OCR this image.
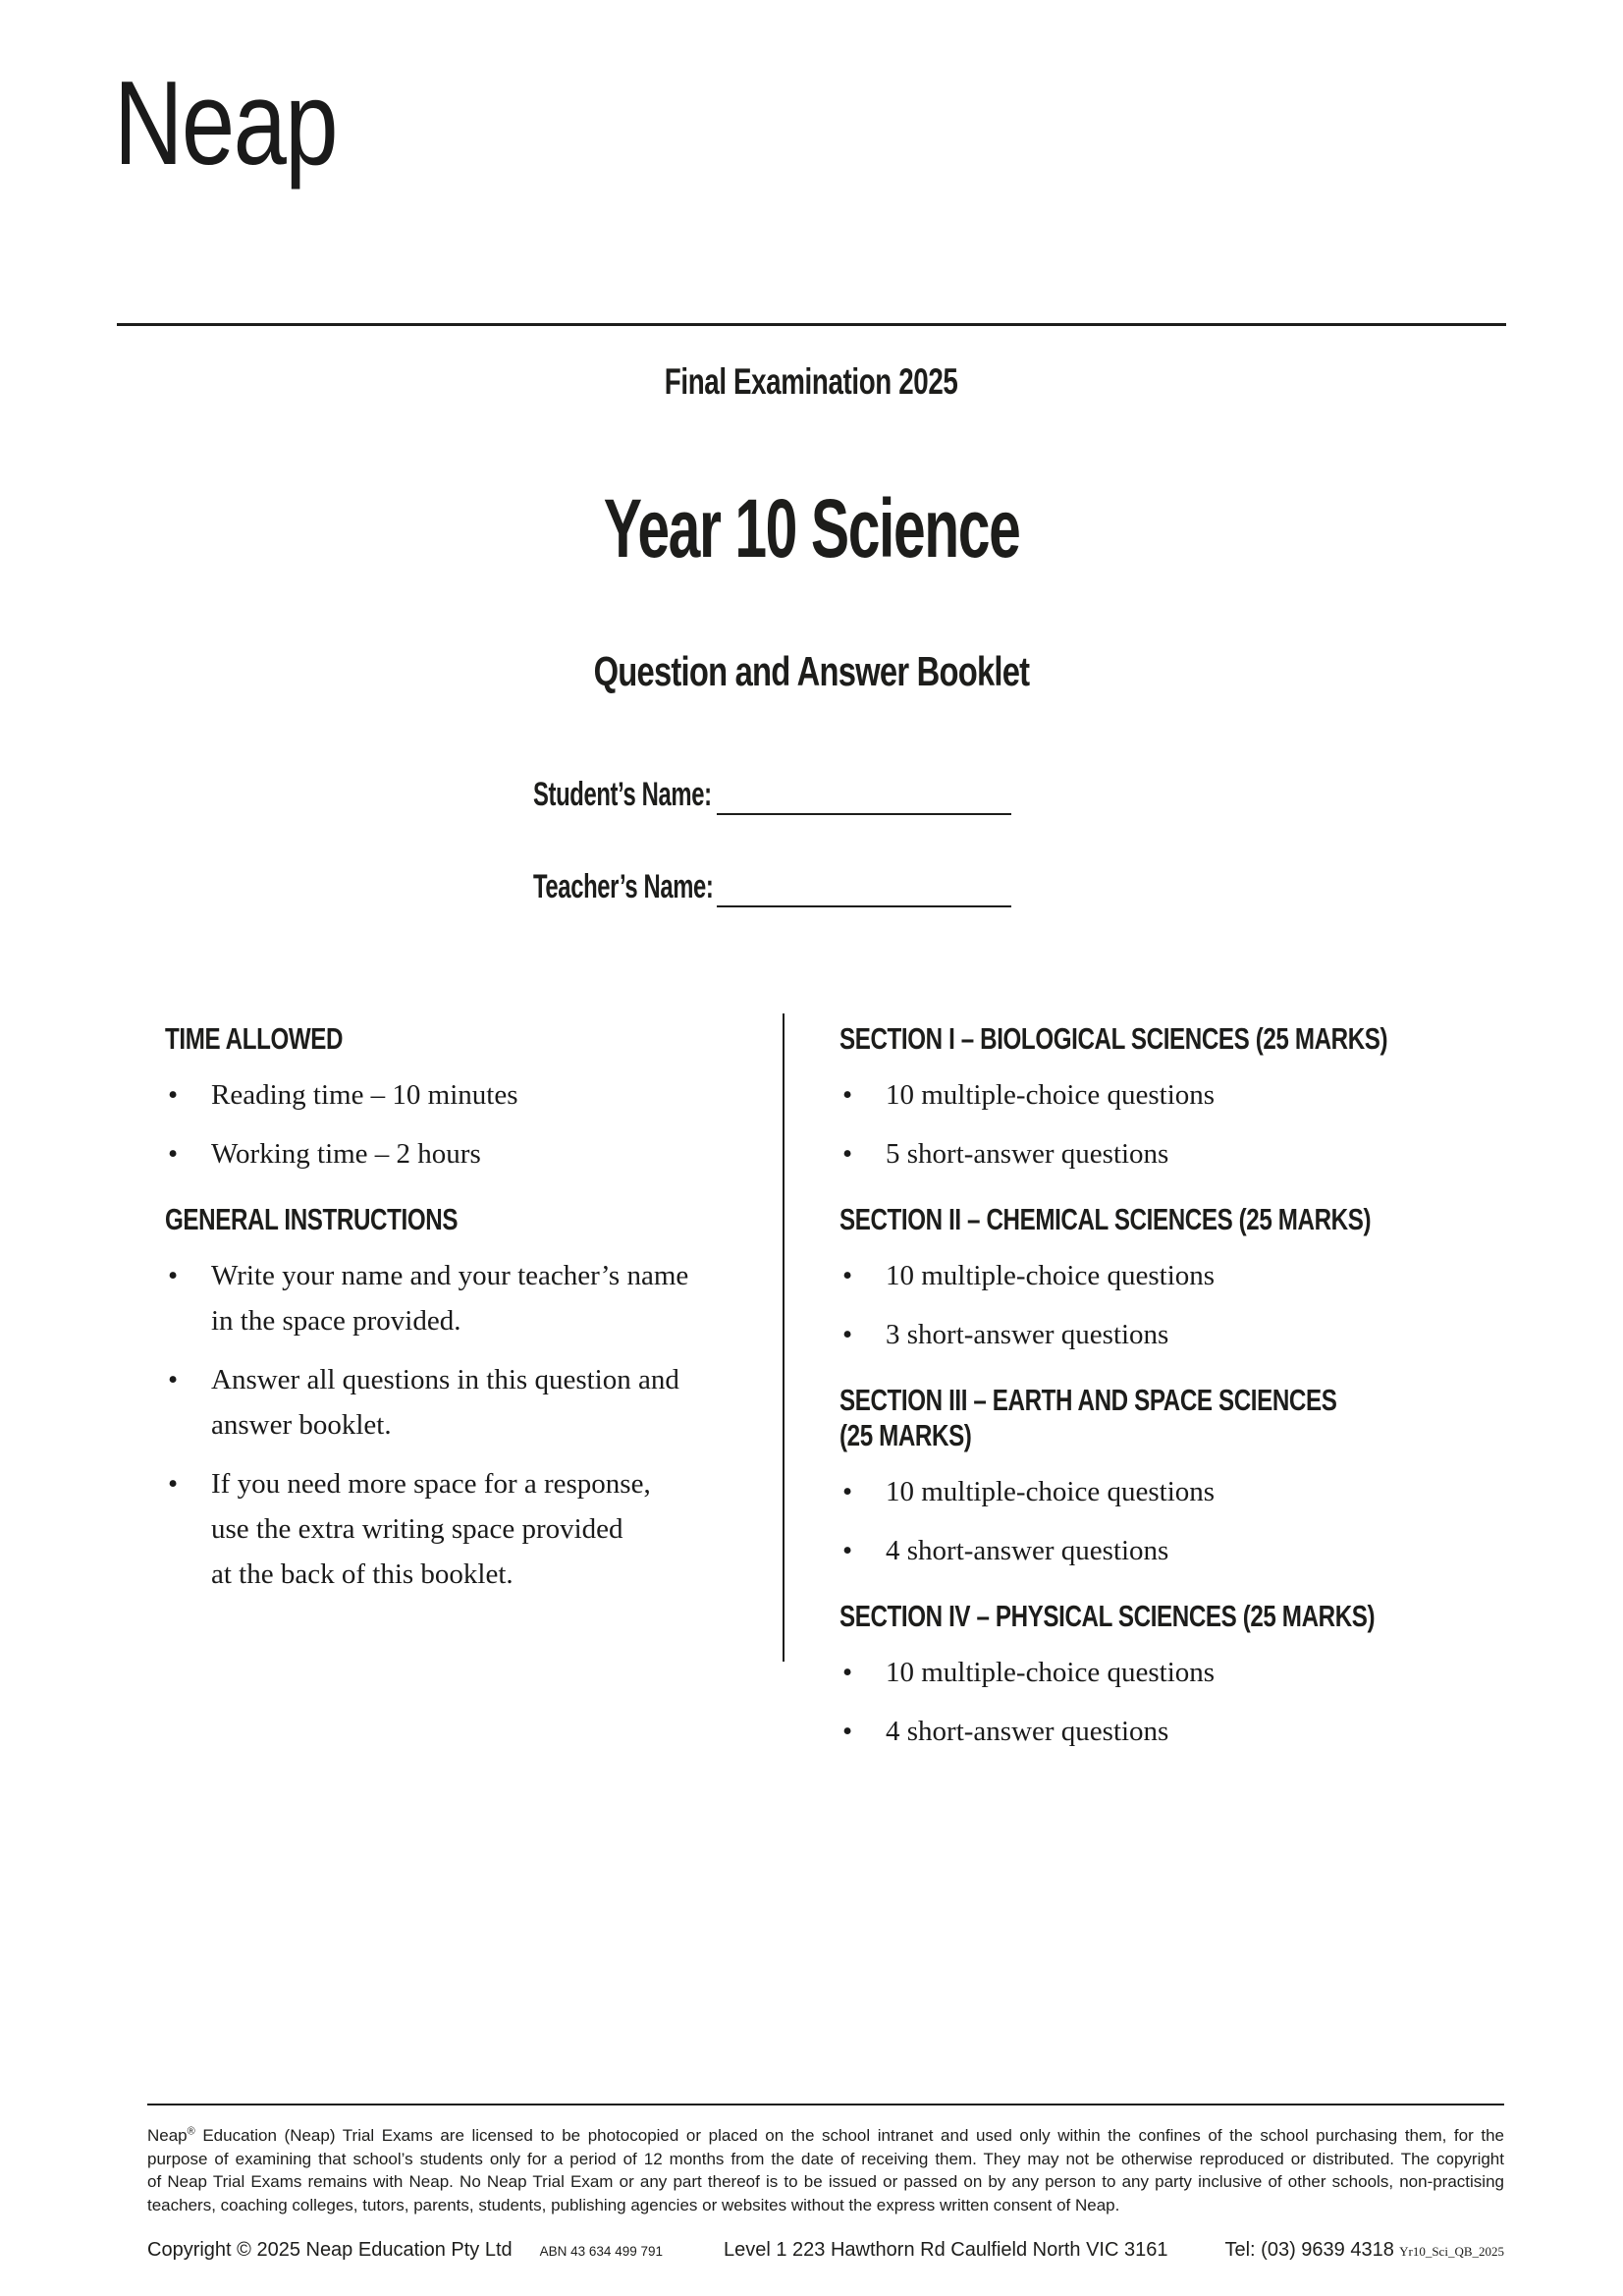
Neap
Final Examination 2025
Year 10 Science
Question and Answer Booklet
Student’s Name:
Teacher’s Name:
TIME ALLOWED
• Reading time – 10 minutes
• Working time – 2 hours
GENERAL INSTRUCTIONS
• Write your name and your teacher’s name
in the space provided.
• Answer all questions in this question and
answer booklet.
• If you need more space for a response,
use the extra writing space provided
at the back of this booklet.
SECTION I – BIOLOGICAL SCIENCES (25 MARKS)
• 10 multiple-choice questions
• 5 short-answer questions
SECTION II – CHEMICAL SCIENCES (25 MARKS)
• 10 multiple-choice questions
• 3 short-answer questions
SECTION III – EARTH AND SPACE SCIENCES
(25 MARKS)
• 10 multiple-choice questions
• 4 short-answer questions
SECTION IV – PHYSICAL SCIENCES (25 MARKS)
• 10 multiple-choice questions
• 4 short-answer questions
Neap® Education (Neap) Trial Exams are licensed to be photocopied or placed on the school intranet and used only within the confines of the school purchasing them, for the
purpose of examining that school’s students only for a period of 12 months from the date of receiving them. They may not be otherwise reproduced or distributed. The copyright
of Neap Trial Exams remains with Neap. No Neap Trial Exam or any part thereof is to be issued or passed on by any person to any party inclusive of other schools, non-practising
teachers, coaching colleges, tutors, parents, students, publishing agencies or websites without the express written consent of Neap.
Copyright © 2025 Neap Education Pty Ltd ABN 43 634 499 791	Level 1 223 Hawthorn Rd Caulfield North VIC 3161	Tel: (03) 9639 4318 Yr10_Sci_QB_2025
